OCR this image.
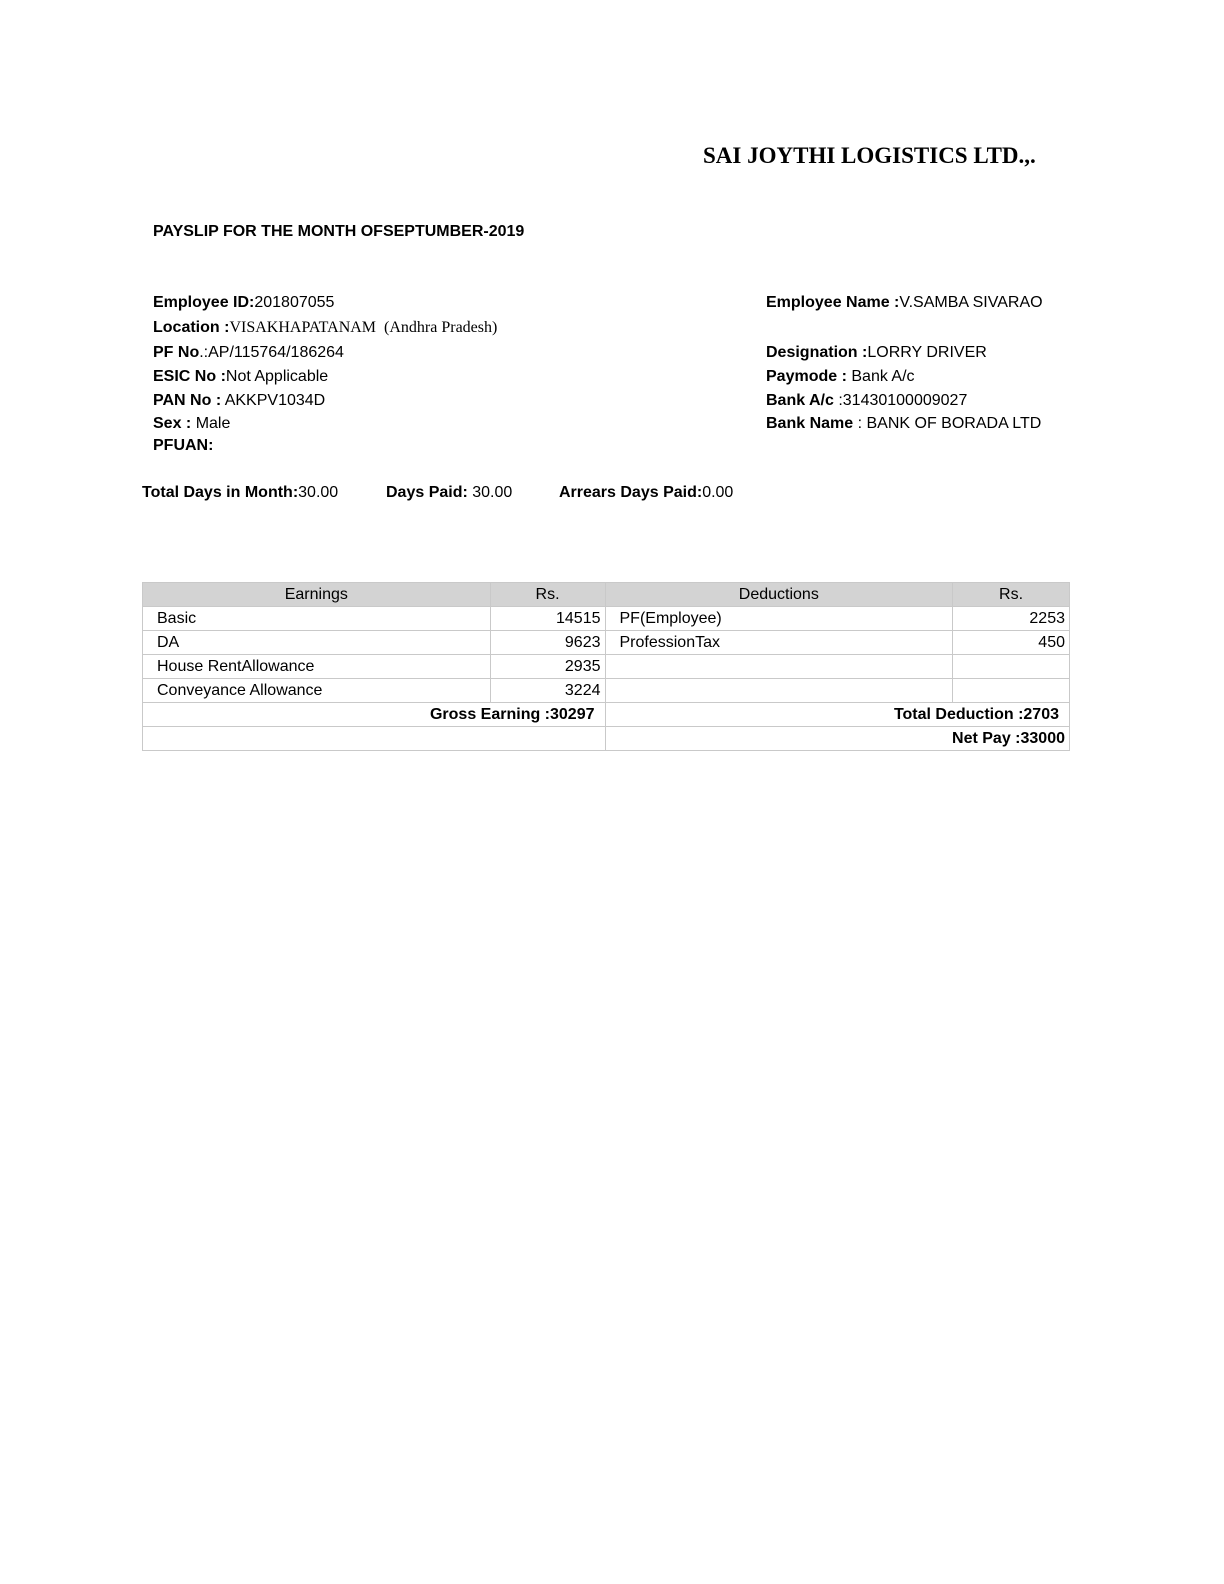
SAI JOYTHI LOGISTICS LTD.,.
PAYSLIP FOR THE MONTH OFSEPTUMBER-2019
Employee ID:201807055
Location :VISAKHAPATANAM  (Andhra Pradesh)
PF No.:AP/115764/186264
ESIC No :Not Applicable
PAN No : AKKPV1034D
Sex : Male
PFUAN:
Employee Name :V.SAMBA SIVARAO
Designation :LORRY DRIVER
Paymode : Bank A/c
Bank A/c :31430100009027
Bank Name : BANK OF BORADA LTD
Total Days in Month:30.00	Days Paid: 30.00	Arrears Days Paid:0.00
Earnings	Rs.	Deductions	Rs.
Basic	14515	PF(Employee)	2253
DA	9623	ProfessionTax	450
House RentAllowance	2935		
Conveyance Allowance	3224		
Gross Earning :30297		Total Deduction :2703	
		Net Pay :33000	
